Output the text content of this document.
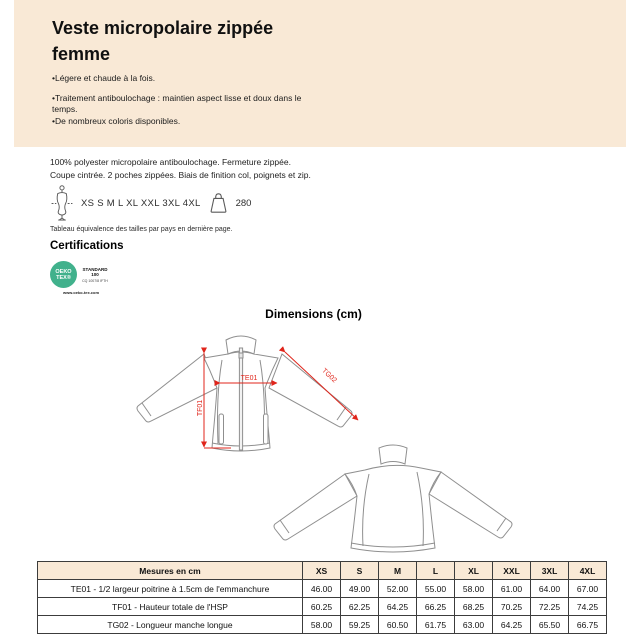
Veste micropolaire zippée
femme

•Légere et chaude à la fois.

•Traitement antiboulochage : maintien aspect lisse et doux dans le temps.

•De nombreux coloris disponibles.

100% polyester micropolaire antiboulochage. Fermeture zippée.
Coupe cintrée. 2 poches zippées. Biais de finition col, poignets et zip.
XS S M L XL XXL 3XL 4XL	280
Tableau équivalence des tailles par pays en dernière page.
Certifications
OEKO
TEX®
STANDARD
100
CQ 1007/8 IFTH
www.oeko-tex.com
Dimensions (cm)
TF01
TE01	TG02
Mesures en cm	XS	S	M	L	XL	XXL	3XL	4XL
TE01 - 1/2 largeur poitrine à 1.5cm de l'emmanchure	46.00	49.00	52.00	55.00	58.00	61.00	64.00	67.00
TF01 - Hauteur totale de l'HSP	60.25	62.25	64.25	66.25	68.25	70.25	72.25	74.25
TG02 - Longueur manche longue	58.00	59.25	60.50	61.75	63.00	64.25	65.50	66.75
